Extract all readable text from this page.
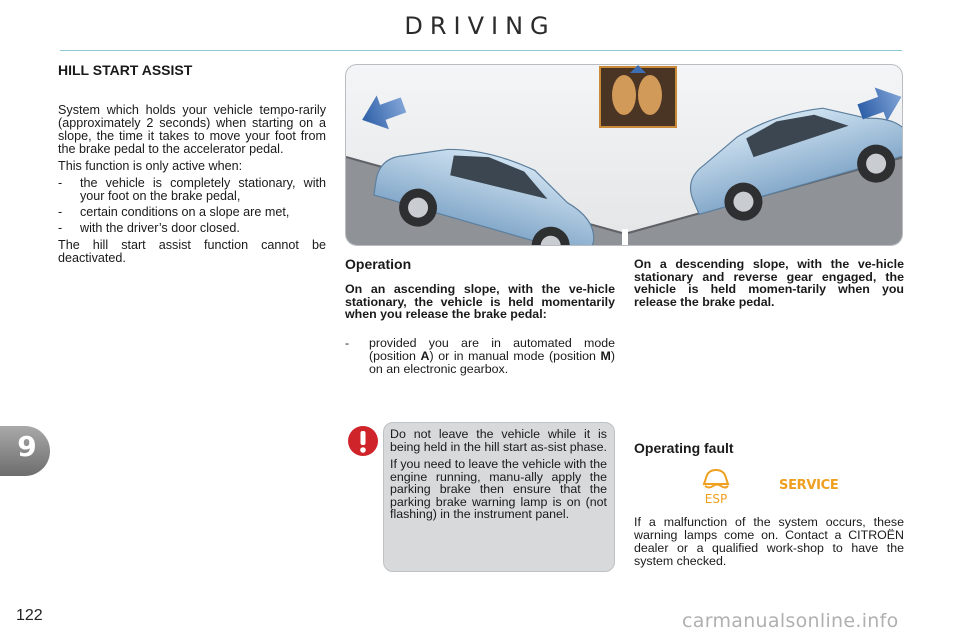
DRIVING
HILL START ASSIST

System which holds your vehicle tempo-rarily (approximately 2 seconds) when starting on a slope, the time it takes to move your foot from the brake pedal to the accelerator pedal.

This function is only active when:

- the vehicle is completely stationary, with your foot on the brake pedal,
- certain conditions on a slope are met,
- with the driver’s door closed.

The hill start assist function cannot be deactivated.	Operation
On an ascending slope, with the ve-hicle stationary, the vehicle is held momentarily when you release the brake pedal:
- provided you are in automated mode (position A) or in manual mode (position M) on an electronic gearbox.
On a descending slope, with the ve-hicle stationary and reverse gear engaged, the vehicle is held momen-tarily when you release the brake pedal.

Do not leave the vehicle while it is being held in the hill start as-sist phase.

If you need to leave the vehicle with the engine running, manu-ally apply the parking brake then ensure that the parking brake warning lamp is on (not flashing) in the instrument panel.

Operating fault
ESP
SERVICE
If a malfunction of the system occurs, these warning lamps come on. Contact a CITROËN dealer or a qualified work-shop to have the system checked.
9
122	carmanualsonline.info
